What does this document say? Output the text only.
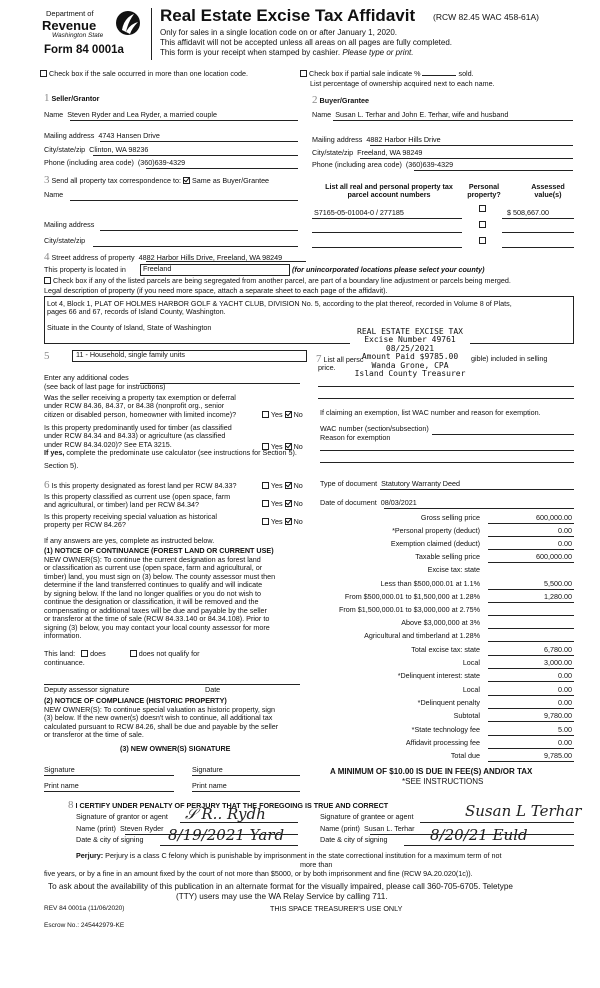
Department of
Revenue
Washington State
Form 84 0001a
Real Estate Excise Tax Affidavit (RCW 82.45 WAC 458-61A)
Only for sales in a single location code on or after January 1, 2020.
This affidavit will not be accepted unless all areas on all pages are fully completed.
This form is your receipt when stamped by cashier. Please type or print.
Check box if the sale occurred in more than one location code.	Check box if partial sale indicate %	sold.
List percentage of ownership acquired next to each name.
1 Seller/Grantor
Name Steven Ryder and Lea Ryder, a married couple
Mailing address 4743 Hansen Drive
City/state/zip Clinton, WA 98236
Phone (including area code) (360)639-4329
2 Buyer/Grantee
Name Susan L. Terhar and John E. Terhar, wife and husband
Mailing address 4882 Harbor Hills Drive
City/state/zip Freeland, WA 98249
Phone (including area code) (360)639-4329
3 Send all property tax correspondence to: Same as Buyer/Grantee
Name
Mailing address
City/state/zip
List all real and personal property tax parcel account numbers
Personal property?
Assessed value(s)
S7165-05-01004-0 / 277185	$ 508,667.00
4 Street address of property 4882 Harbor Hills Drive, Freeland, WA 98249
This property is located in	Freeland	(for unincorporated locations please select your county)
Check box if any of the listed parcels are being segregated from another parcel, are part of a boundary line adjustment or parcels being merged.
Legal description of property (if you need more space, attach a separate sheet to each page of the affidavit).
Lot 4, Block 1, PLAT OF HOLMES HARBOR GOLF & YACHT CLUB, DIVISION No. 5, according to the plat thereof, recorded in Volume 8 of Plats,
pages 66 and 67, records of Island County, Washington.
Situate in the County of Island, State of Washington	REAL ESTATE EXCISE TAX
Excise Number 49761
08/25/2021
Amount Paid $9785.00
Wanda Grone, CPA
Island County Treasurer
5	11 - Household, single family units
Enter any additional codes
(see back of last page for instructions)
Was the seller receiving a property tax exemption or deferral
under RCW 84.36, 84.37, or 84.38 (nonprofit org., senior
citizen or disabled person, homeowner with limited income)?	Yes No
Is this property predominantly used for timber (as classified
under RCW 84.34 and 84.33) or agriculture (as classified
under RCW 84.34.020)? See ETA 3215.
If yes, complete the predominate use calculator (see instructions for Section 5).
Yes No
Section 5).
7 List all persc	gible) included in selling
price.
If claiming an exemption, list WAC number and reason for exemption.
WAC number (section/subsection)
Reason for exemption
Type of document Statutory Warranty Deed
Date of document 08/03/2021
6 Is this property designated as forest land per RCW 84.33?	Yes No
Is this property classified as current use (open space, farm
and agricultural, or timber) land per RCW 84.34?	Yes No
Is this property receiving special valuation as historical
property per RCW 84.26?	Yes No
If any answers are yes, complete as instructed below.
(1) NOTICE OF CONTINUANCE (FOREST LAND OR CURRENT USE)
NEW OWNER(S): To continue the current designation as forest land
or classification as current use (open space, farm and agricultural, or
timber) land, you must sign on (3) below. The county assessor must then
determine if the land transferred continues to qualify and will indicate
by signing below. If the land no longer qualifies or you do not wish to
continue the designation or classification, it will be removed and the
compensating or additional taxes will be due and payable by the seller
or transferor at the time of sale (RCW 84.33.140 or 84.34.108). Prior to
signing (3) below, you may contact your local county assessor for more
information.
This land: does	does not qualify for
continuance.
Deputy assessor signature	Date
(2) NOTICE OF COMPLIANCE (HISTORIC PROPERTY)
NEW OWNER(S): To continue special valuation as historic property, sign
(3) below. If the new owner(s) doesn't wish to continue, all additional tax
calculated pursuant to RCW 84.26, shall be due and payable by the seller
or transferor at the time of sale.
(3) NEW OWNER(S) SIGNATURE
Signature	Signature
Print name	Print name
Gross selling price	600,000.00
*Personal property (deduct)	0.00
Exemption claimed (deduct)	0.00
Taxable selling price	600,000.00
Excise tax: state
Less than $500,000.01 at 1.1%	5,500.00
From $500,000.01 to $1,500,000 at 1.28%	1,280.00
From $1,500,000.01 to $3,000,000 at 2.75%
Above $3,000,000 at 3%
Agricultural and timberland at 1.28%
Total excise tax: state	6,780.00
Local	3,000.00
*Delinquent interest: state	0.00
Local	0.00
*Delinquent penalty	0.00
Subtotal	9,780.00
*State technology fee	5.00
Affidavit processing fee	0.00
Total due	9,785.00
A MINIMUM OF $10.00 IS DUE IN FEE(S) AND/OR TAX
*SEE INSTRUCTIONS
8 I CERTIFY UNDER PENALTY OF PERJURY THAT THE FOREGOING IS TRUE AND CORRECT
Signature of grantor or agent 𝒮 R.. Rydh
Name (print) Steven Ryder
Date & city of signing 8/19/2021 Yard
Signature of grantee or agent	Susan L Terhar
Name (print) Susan L. Terhar
Date & city of signing	8/20/21 Euld
Perjury: Perjury is a class C felony which is punishable by imprisonment in the state correctional institution for a maximum term of not
more than
five years, or by a fine in an amount fixed by the court of not more than $5000, or by both imprisonment and fine (RCW 9A.20.020(1c)).
To ask about the availability of this publication in an alternate format for the visually impaired, please call 360-705-6705. Teletype
(TTY) users may use the WA Relay Service by calling 711.
REV 84 0001a (11/06/2020)	THIS SPACE TREASURER'S USE ONLY
Escrow No.: 245442979-KE
